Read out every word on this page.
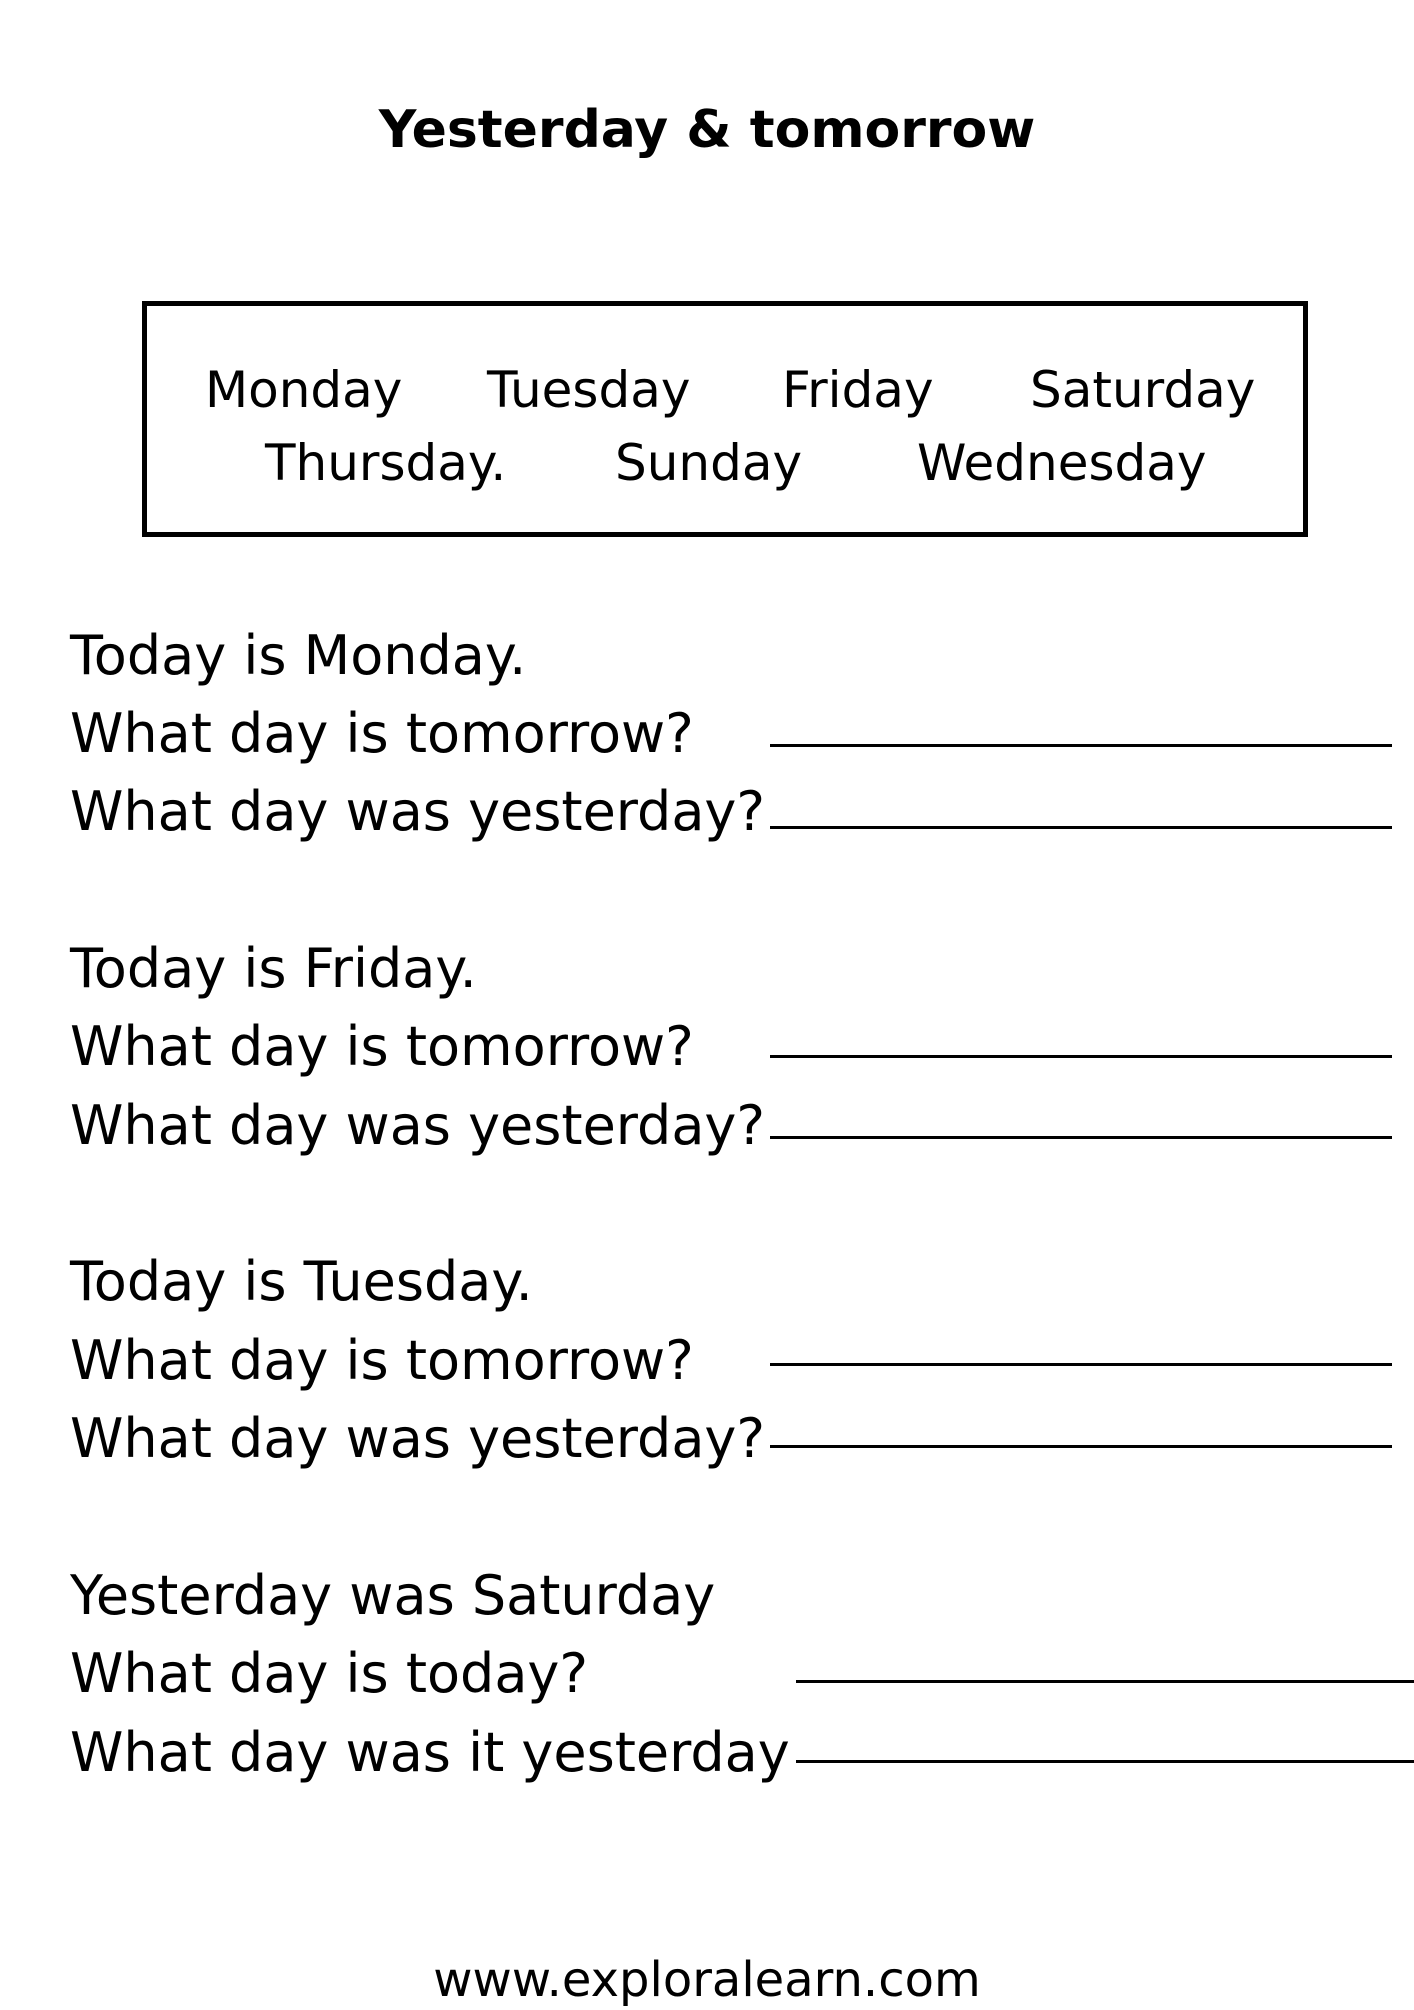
Yesterday & tomorrow
Monday Tuesday Friday Saturday
Thursday. Sunday Wednesday
Today is Monday.
What day is tomorrow?
What day was yesterday?
Today is Friday.
What day is tomorrow?
What day was yesterday?
Today is Tuesday.
What day is tomorrow?
What day was yesterday?
Yesterday was Saturday
What day is today?
What day was it yesterday
www.exploralearn.com
